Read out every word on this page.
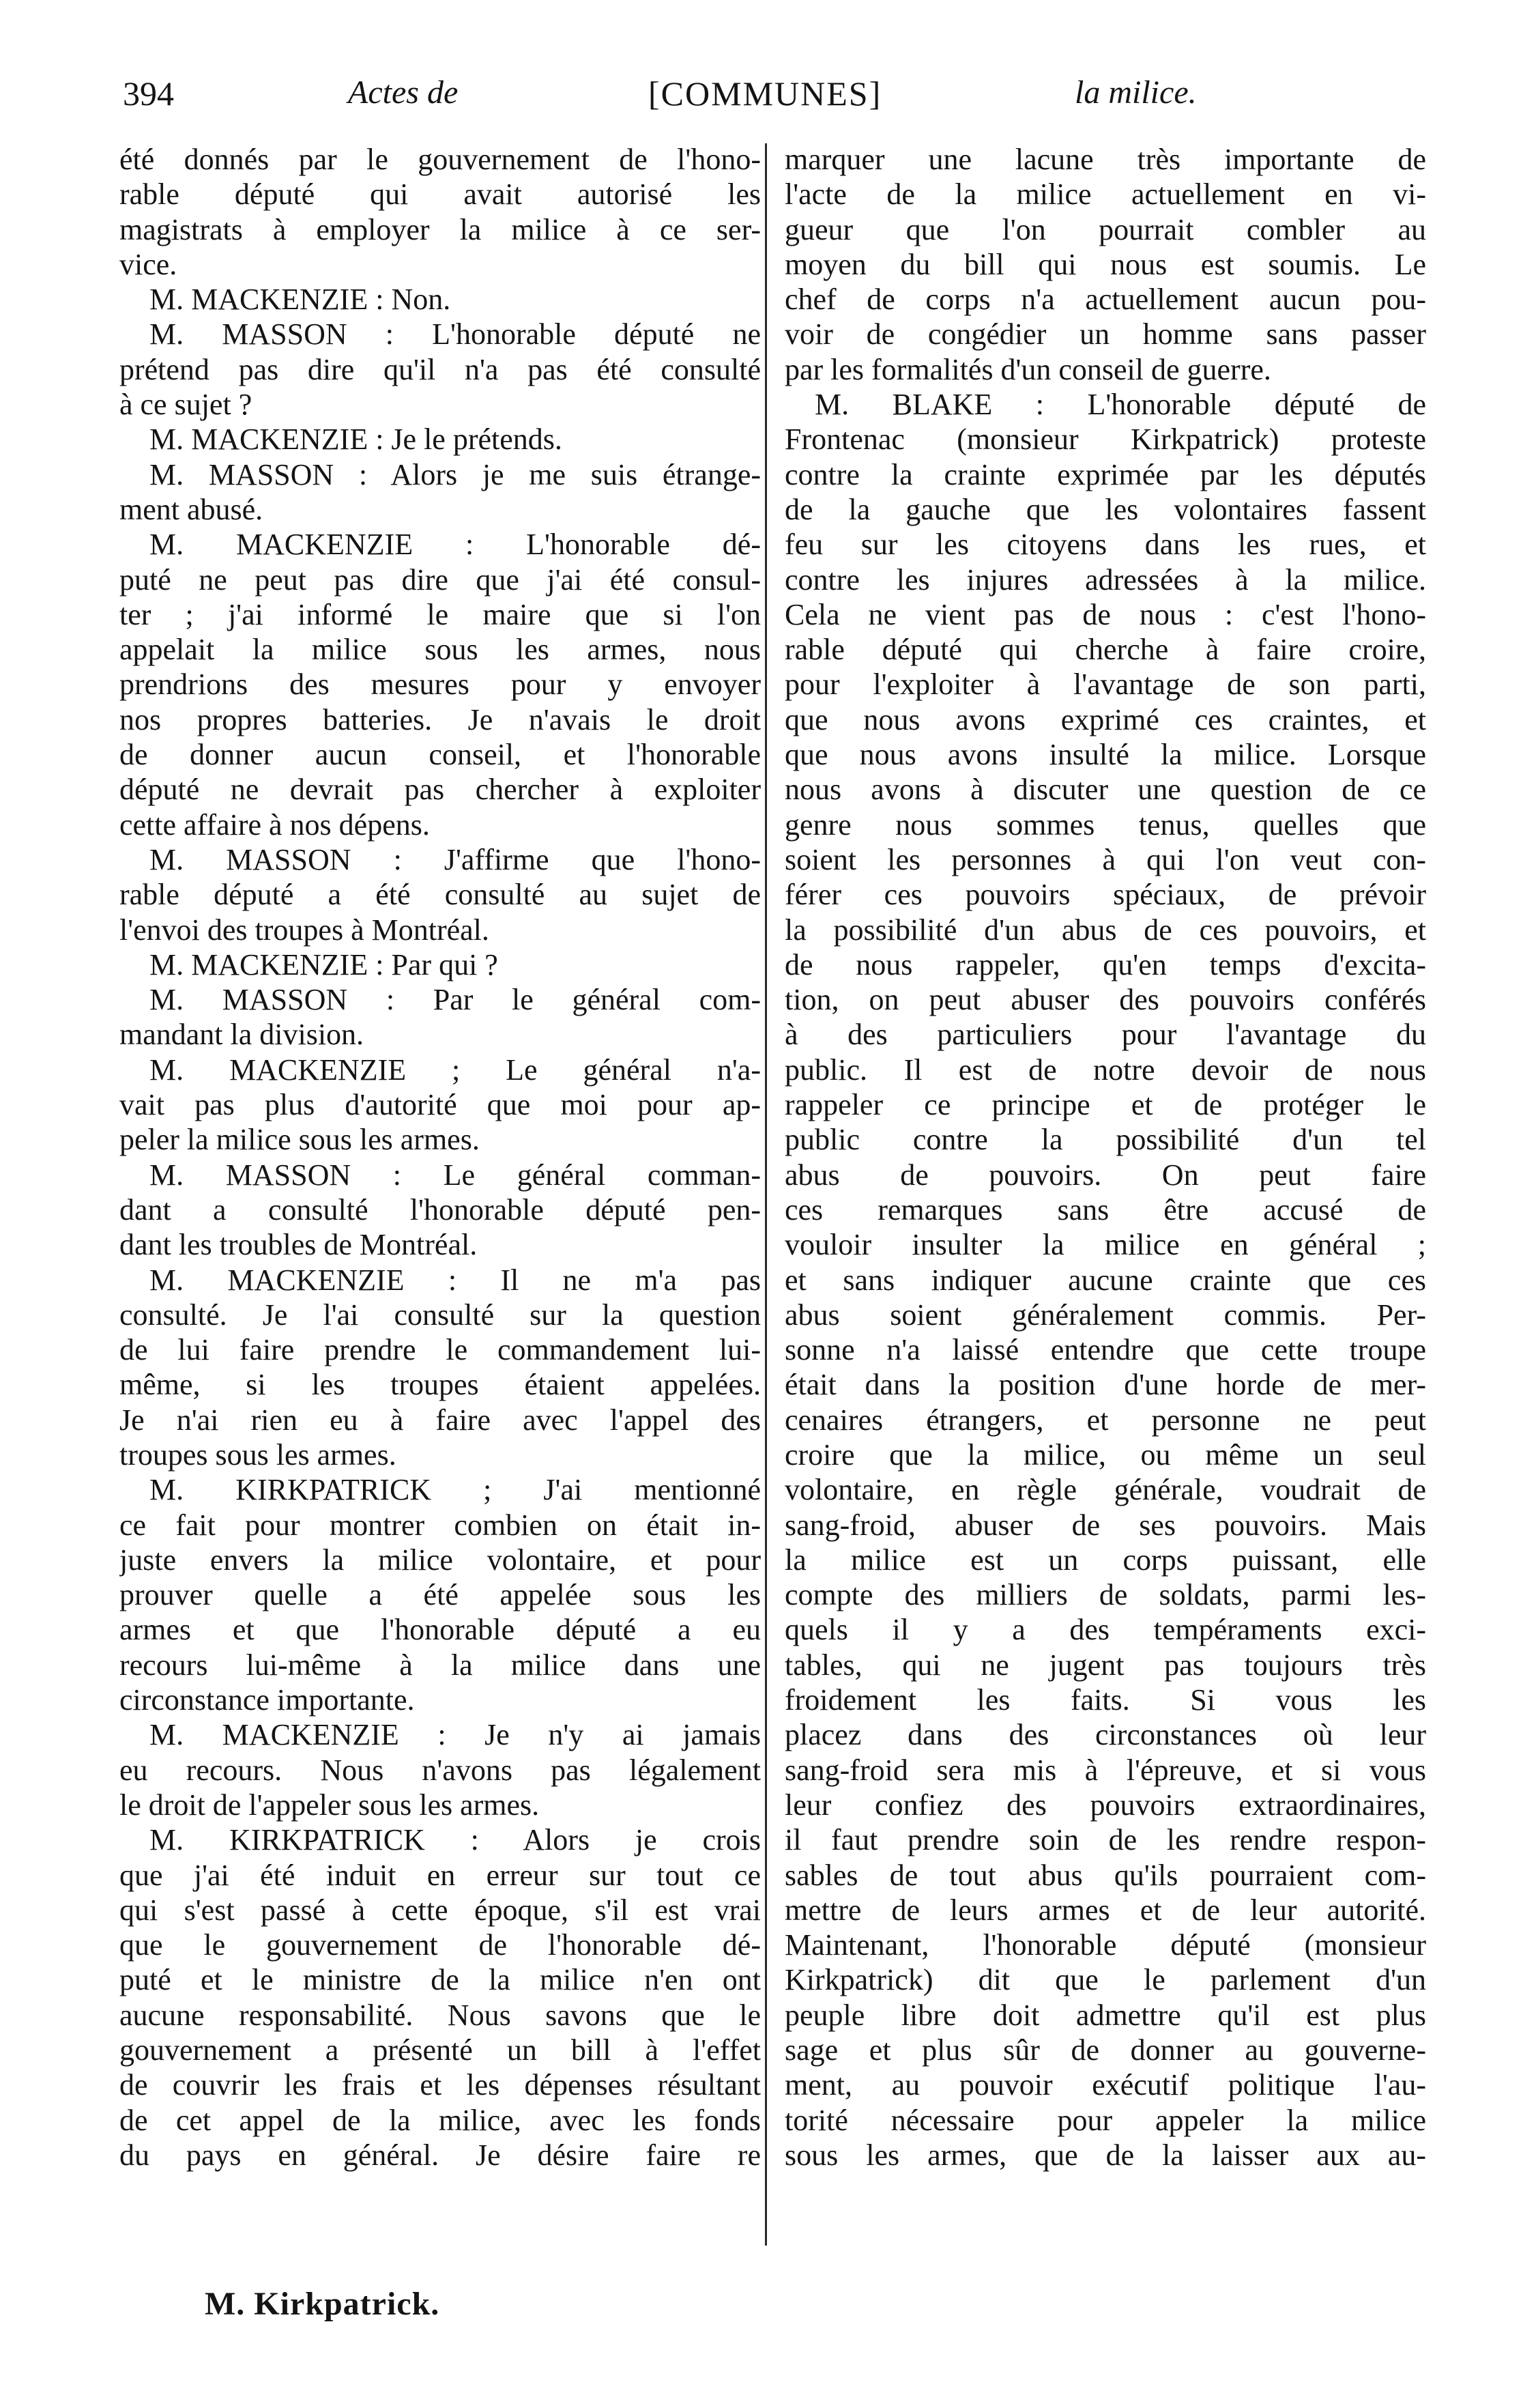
394	Actes de	[COMMUNES]	la milice.
été donnés par le gouvernement de l'hono-
rable député qui avait autorisé les
magistrats à employer la milice à ce ser-
vice.
M. MACKENZIE : Non.
M. MASSON : L'honorable député ne
prétend pas dire qu'il n'a pas été consulté
à ce sujet ?
M. MACKENZIE : Je le prétends.
M. MASSON : Alors je me suis étrange-
ment abusé.
M. MACKENZIE : L'honorable dé-
puté ne peut pas dire que j'ai été consul-
ter ; j'ai informé le maire que si l'on
appelait la milice sous les armes, nous
prendrions des mesures pour y envoyer
nos propres batteries. Je n'avais le droit
de donner aucun conseil, et l'honorable
député ne devrait pas chercher à exploiter
cette affaire à nos dépens.
M. MASSON : J'affirme que l'hono-
rable député a été consulté au sujet de
l'envoi des troupes à Montréal.
M. MACKENZIE : Par qui ?
M. MASSON : Par le général com-
mandant la division.
M. MACKENZIE ; Le général n'a-
vait pas plus d'autorité que moi pour ap-
peler la milice sous les armes.
M. MASSON : Le général comman-
dant a consulté l'honorable député pen-
dant les troubles de Montréal.
M. MACKENZIE : Il ne m'a pas
consulté. Je l'ai consulté sur la question
de lui faire prendre le commandement lui-
même, si les troupes étaient appelées.
Je n'ai rien eu à faire avec l'appel des
troupes sous les armes.
M. KIRKPATRICK ; J'ai mentionné
ce fait pour montrer combien on était in-
juste envers la milice volontaire, et pour
prouver quelle a été appelée sous les
armes et que l'honorable député a eu
recours lui-même à la milice dans une
circonstance importante.
M. MACKENZIE : Je n'y ai jamais
eu recours. Nous n'avons pas légalement
le droit de l'appeler sous les armes.
M. KIRKPATRICK : Alors je crois
que j'ai été induit en erreur sur tout ce
qui s'est passé à cette époque, s'il est vrai
que le gouvernement de l'honorable dé-
puté et le ministre de la milice n'en ont
aucune responsabilité. Nous savons que le
gouvernement a présenté un bill à l'effet
de couvrir les frais et les dépenses résultant
de cet appel de la milice, avec les fonds
du pays en général. Je désire faire re
marquer une lacune très importante de
l'acte de la milice actuellement en vi-
gueur que l'on pourrait combler au
moyen du bill qui nous est soumis. Le
chef de corps n'a actuellement aucun pou-
voir de congédier un homme sans passer
par les formalités d'un conseil de guerre.
M. BLAKE : L'honorable député de
Frontenac (monsieur Kirkpatrick) proteste
contre la crainte exprimée par les députés
de la gauche que les volontaires fassent
feu sur les citoyens dans les rues, et
contre les injures adressées à la milice.
Cela ne vient pas de nous : c'est l'hono-
rable député qui cherche à faire croire,
pour l'exploiter à l'avantage de son parti,
que nous avons exprimé ces craintes, et
que nous avons insulté la milice. Lorsque
nous avons à discuter une question de ce
genre nous sommes tenus, quelles que
soient les personnes à qui l'on veut con-
férer ces pouvoirs spéciaux, de prévoir
la possibilité d'un abus de ces pouvoirs, et
de nous rappeler, qu'en temps d'excita-
tion, on peut abuser des pouvoirs conférés
à des particuliers pour l'avantage du
public. Il est de notre devoir de nous
rappeler ce principe et de protéger le
public contre la possibilité d'un tel
abus de pouvoirs. On peut faire
ces remarques sans être accusé de
vouloir insulter la milice en général ;
et sans indiquer aucune crainte que ces
abus soient généralement commis. Per-
sonne n'a laissé entendre que cette troupe
était dans la position d'une horde de mer-
cenaires étrangers, et personne ne peut
croire que la milice, ou même un seul
volontaire, en règle générale, voudrait de
sang-froid, abuser de ses pouvoirs. Mais
la milice est un corps puissant, elle
compte des milliers de soldats, parmi les-
quels il y a des tempéraments exci-
tables, qui ne jugent pas toujours très
froidement les faits. Si vous les
placez dans des circonstances où leur
sang-froid sera mis à l'épreuve, et si vous
leur confiez des pouvoirs extraordinaires,
il faut prendre soin de les rendre respon-
sables de tout abus qu'ils pourraient com-
mettre de leurs armes et de leur autorité.
Maintenant, l'honorable député (monsieur
Kirkpatrick) dit que le parlement d'un
peuple libre doit admettre qu'il est plus
sage et plus sûr de donner au gouverne-
ment, au pouvoir exécutif politique l'au-
torité nécessaire pour appeler la milice
sous les armes, que de la laisser aux au-
M. Kirkpatrick.
